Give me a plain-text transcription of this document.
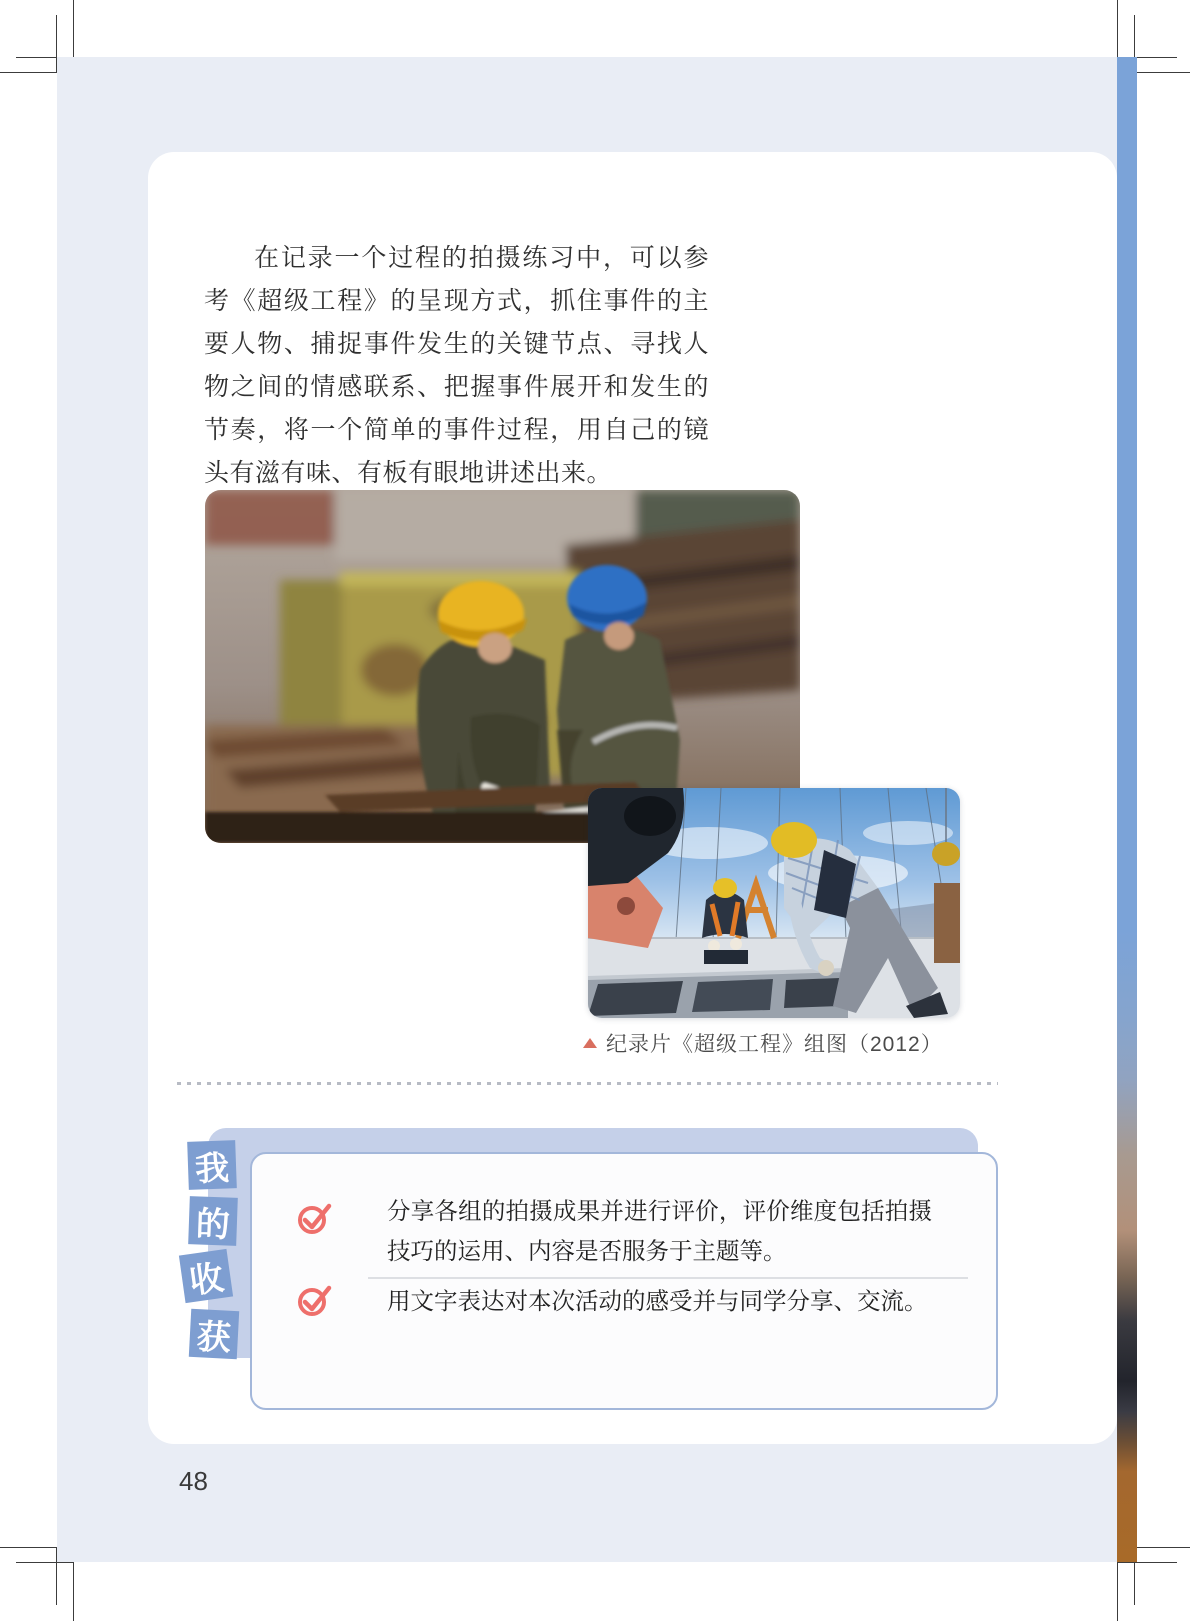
在记录一个过程的拍摄练习中，可以参考《超级工程》的呈现方式，抓住事件的主要人物、捕捉事件发生的关键节点、寻找人物之间的情感联系、把握事件展开和发生的节奏，将一个简单的事件过程，用自己的镜头有滋有味、有板有眼地讲述出来。

纪录片《超级工程》组图（2012）
分享各组的拍摄成果并进行评价，评价维度包括拍摄技巧的运用、内容是否服务于主题等。
用文字表达对本次活动的感受并与同学分享、交流。
我
的
收
获
48
